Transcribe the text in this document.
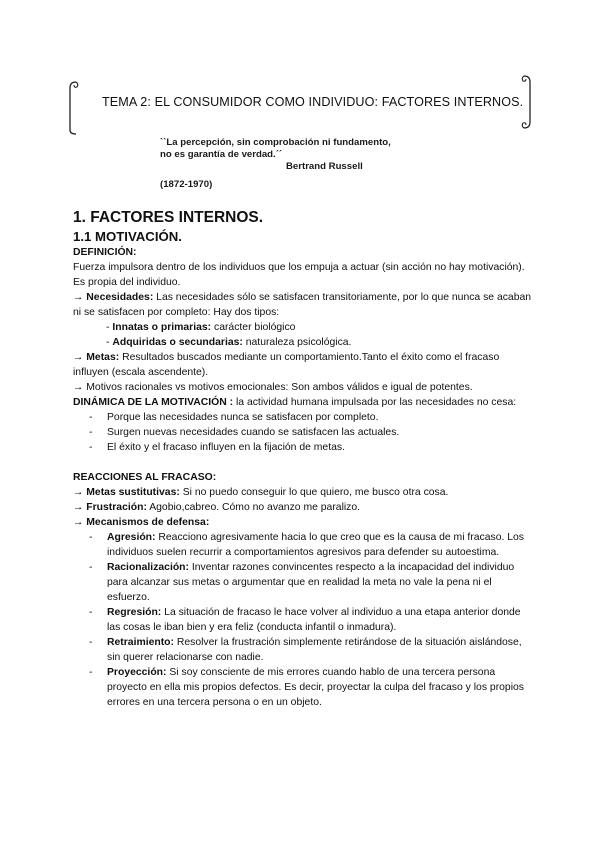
TEMA 2: EL CONSUMIDOR COMO INDIVIDUO: FACTORES INTERNOS.
``La percepción, sin comprobación ni fundamento,
no es garantía de verdad.´´
Bertrand Russell
(1872-1970)

1. FACTORES INTERNOS.

1.1 MOTIVACIÓN.

DEFINICIÓN:

Fuerza impulsora dentro de los individuos que los empuja a actuar (sin acción no hay motivación). Es propia del individuo.

→ Necesidades: Las necesidades sólo se satisfacen transitoriamente, por lo que nunca se acaban ni se satisfacen por completo: Hay dos tipos:

- Innatas o primarias: carácter biológico

- Adquiridas o secundarias: naturaleza psicológica.

→ Metas: Resultados buscados mediante un comportamiento.Tanto el éxito como el fracaso influyen (escala ascendente).

→ Motivos racionales vs motivos emocionales: Son ambos válidos e igual de potentes.

DINÁMICA DE LA MOTIVACIÓN : la actividad humana impulsada por las necesidades no cesa:

- Porque las necesidades nunca se satisfacen por completo.
- Surgen nuevas necesidades cuando se satisfacen las actuales.
- El éxito y el fracaso influyen en la fijación de metas.

REACCIONES AL FRACASO:

→ Metas sustitutivas: Si no puedo conseguir lo que quiero, me busco otra cosa.

→ Frustración: Agobio,cabreo. Cómo no avanzo me paralizo.

→ Mecanismos de defensa:

- Agresión: Reacciono agresivamente hacia lo que creo que es la causa de mi fracaso. Los individuos suelen recurrir a comportamientos agresivos para defender su autoestima.
- Racionalización: Inventar razones convincentes respecto a la incapacidad del individuo para alcanzar sus metas o argumentar que en realidad la meta no vale la pena ni el esfuerzo.
- Regresión: La situación de fracaso le hace volver al individuo a una etapa anterior donde las cosas le iban bien y era feliz (conducta infantil o inmadura).
- Retraimiento: Resolver la frustración simplemente retirándose de la situación aislándose, sin querer relacionarse con nadie.
- Proyección: Si soy consciente de mis errores cuando hablo de una tercera persona proyecto en ella mis propios defectos. Es decir, proyectar la culpa del fracaso y los propios errores en una tercera persona o en un objeto.
